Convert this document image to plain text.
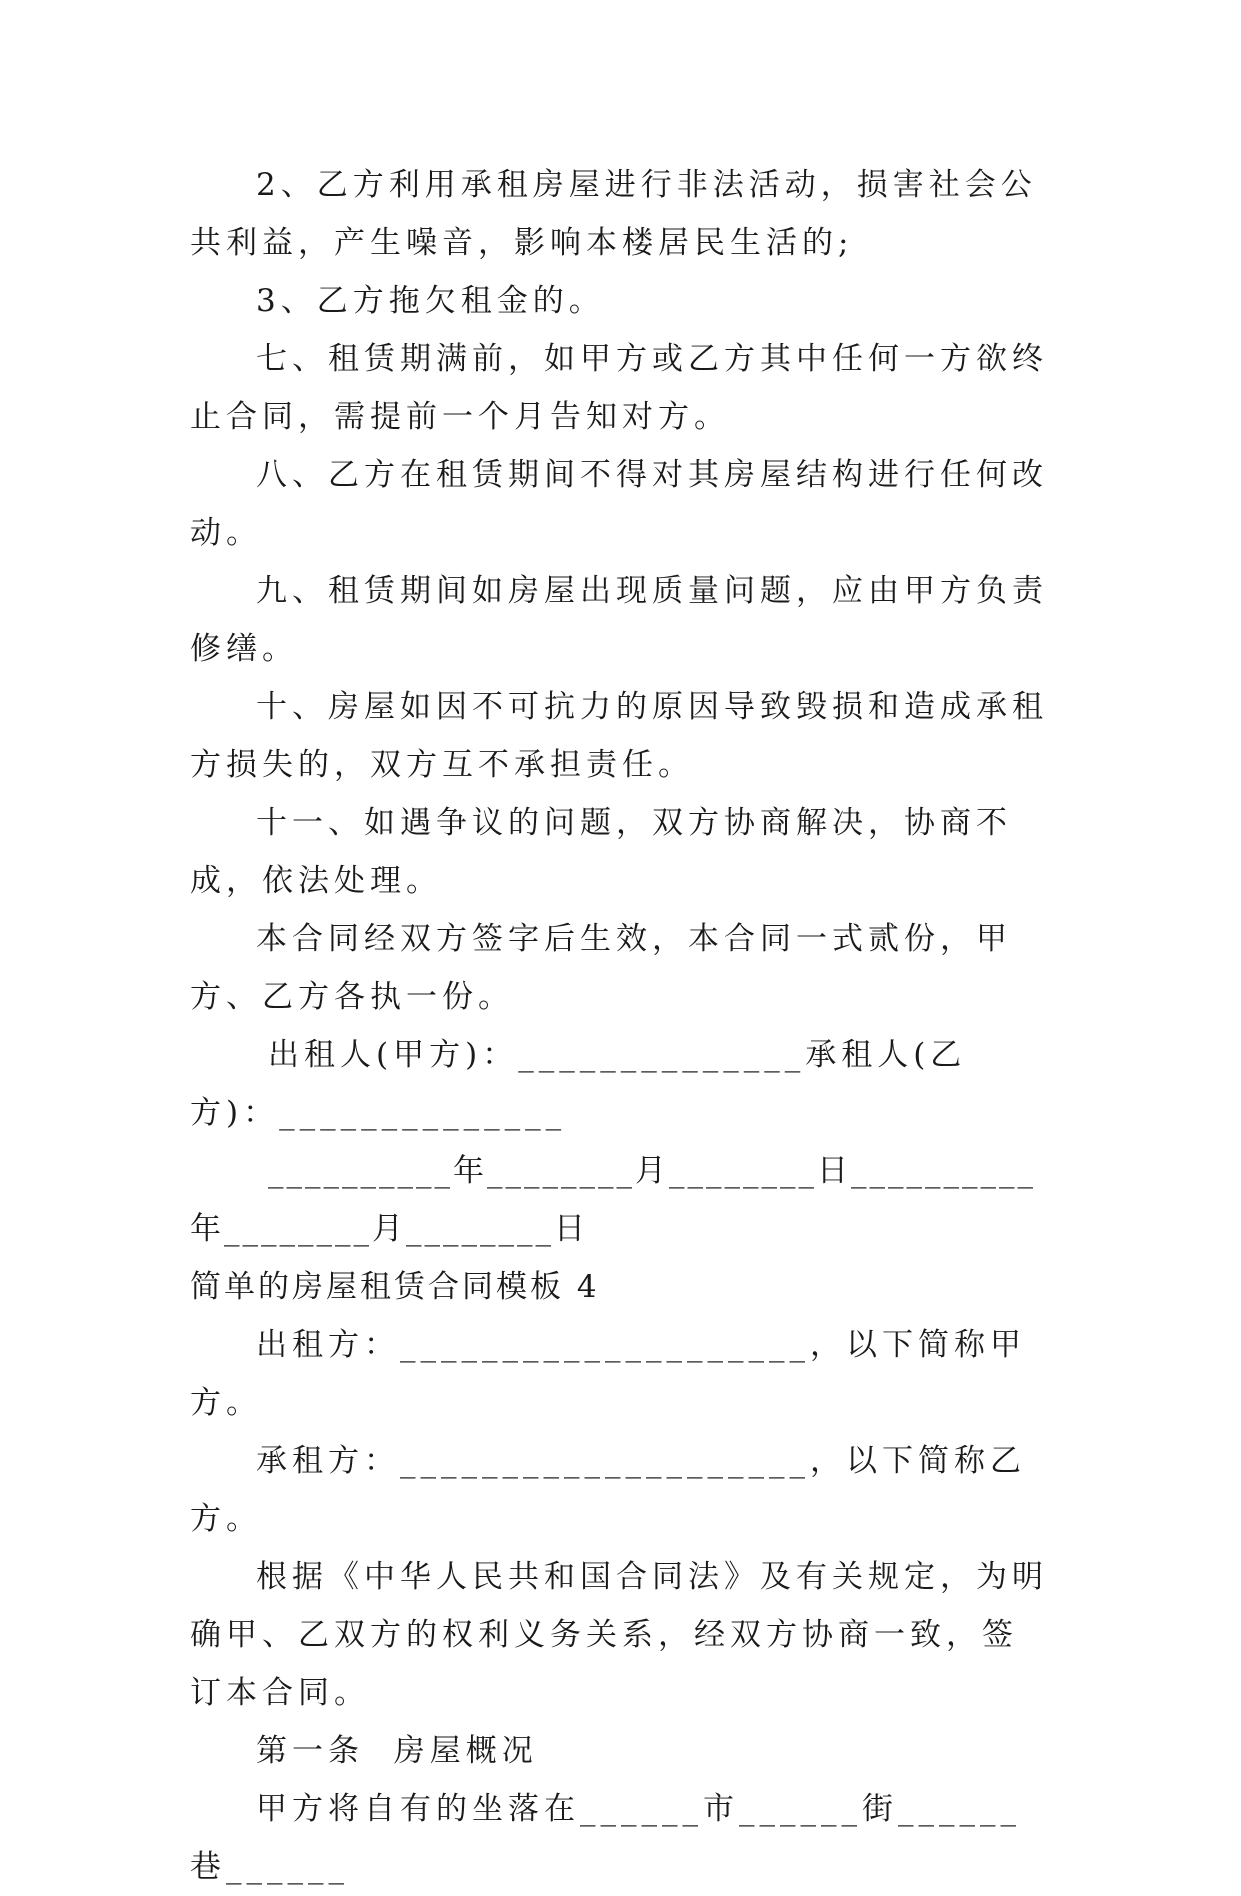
2、乙方利用承租房屋进行非法活动，损害社会公共利益，产生噪音，影响本楼居民生活的;

3、乙方拖欠租金的。

七、租赁期满前，如甲方或乙方其中任何一方欲终止合同，需提前一个月告知对方。

八、乙方在租赁期间不得对其房屋结构进行任何改动。

九、租赁期间如房屋出现质量问题，应由甲方负责修缮。

十、房屋如因不可抗力的原因导致毁损和造成承租方损失的，双方互不承担责任。

十一、如遇争议的问题，双方协商解决，协商不成，依法处理。

本合同经双方签字后生效，本合同一式贰份，甲方、乙方各执一份。

出租人(甲方)：______________承租人(乙方)：______________

__________年________月________日__________年________月________日

简单的房屋租赁合同模板 4

出租方：____________________，以下简称甲方。

承租方：____________________，以下简称乙方。

根据《中华人民共和国合同法》及有关规定，为明确甲、乙双方的权利义务关系，经双方协商一致，签订本合同。

第一条  房屋概况

甲方将自有的坐落在______市______街______巷______
